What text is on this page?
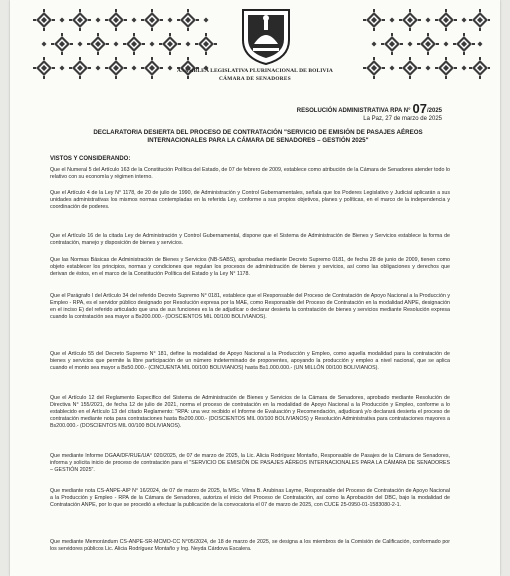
ASAMBLEA LEGISLATIVA PLURINACIONAL DE BOLIVIA
CÁMARA DE SENADORES
RESOLUCIÓN ADMINISTRATIVA RPA N° 07/2025
La Paz, 27 de marzo de 2025
DECLARATORIA DESIERTA DEL PROCESO DE CONTRATACIÓN "SERVICIO DE EMISIÓN DE PASAJES AÉREOS INTERNACIONALES PARA LA CÁMARA DE SENADORES – GESTIÓN 2025"
VISTOS Y CONSIDERANDO:
Que el Numeral 5 del Artículo 163 de la Constitución Política del Estado, de 07 de febrero de 2009, establece como atribución de la Cámara de Senadores atender todo lo relativo con su economía y régimen interno.
Que el Artículo 4 de la Ley N° 1178, de 20 de julio de 1990, de Administración y Control Gubernamentales, señala que los Poderes Legislativo y Judicial aplicarán a sus unidades administrativas los mismos normas contempladas en la referida Ley, conforme a sus propios objetivos, planes y políticas, en el marco de la independencia y coordinación de poderes.
Que el Artículo 16 de la citada Ley de Administración y Control Gubernamental, dispone que el Sistema de Administración de Bienes y Servicios establece la forma de contratación, manejo y disposición de bienes y servicios.
Que las Normas Básicas de Administración de Bienes y Servicios (NB-SABS), aprobadas mediante Decreto Supremo 0181, de fecha 28 de junio de 2009, tienen como objeto establecer los principios, normas y condiciones que regulan los procesos de administración de bienes y servicios, así como las obligaciones y derechos que derivan de éstos, en el marco de la Constitución Política del Estado y la Ley N° 1178.
Que el Parágrafo I del Artículo 34 del referido Decreto Supremo N° 0181, establece que el Responsable del Proceso de Contratación de Apoyo Nacional a la Producción y Empleo - RPA, es el servidor público designado por Resolución expresa por la MAE, como Responsable del Proceso de Contratación en la modalidad ANPE, designación en el inciso E) del referido articulado que una de sus funciones es la de adjudicar o declarar desierta la contratación de bienes y servicios mediante Resolución expresa cuando la contratación sea mayor a Bs200.000.- (DOSCIENTOS MIL 00/100 BOLIVIANOS).
Que el Artículo 55 del Decreto Supremo N° 181, define la modalidad de Apoyo Nacional a la Producción y Empleo, como aquella modalidad para la contratación de bienes y servicios que permite la libre participación de un número indeterminado de proponentes, apoyando la producción y empleo a nivel nacional, que se aplica cuando el monto sea mayor a Bs50.000.- (CINCUENTA MIL 00/100 BOLIVIANOS) hasta Bs1.000.000.- (UN MILLÓN 00/100 BOLIVIANOS).
Que el Artículo 12 del Reglamento Específico del Sistema de Administración de Bienes y Servicios de la Cámara de Senadores, aprobado mediante Resolución de Directiva N° 155/2021, de fecha 12 de julio de 2021, norma el proceso de contratación en la modalidad de Apoyo Nacional a la Producción y Empleo, conforme a lo establecido en el Artículo 13 del citado Reglamento: "RPA: una vez recibido el Informe de Evaluación y Recomendación, adjudicará y/o declarará desierta el proceso de contratación mediante nota para contrataciones hasta Bs200.000.- (DOSCIENTOS MIL 00/100 BOLIVIANOS) y Resolución Administrativa para contrataciones mayores a Bs200.000.- (DOSCIENTOS MIL 00/100 BOLIVIANOS).
Que mediante Informe DGAA/DF/RUE/UA° 020/2025, de 07 de marzo de 2025, la Lic. Alicia Rodríguez Montaño, Responsable de Pasajes de la Cámara de Senadores, informa y solicita inicio de proceso de contratación para el "SERVICIO DE EMISIÓN DE PASAJES AÉREOS INTERNACIONALES PARA LA CÁMARA DE SENADORES – GESTIÓN 2025".
Que mediante nota CS-ANPE-AIP N° 16/2024, de 07 de marzo de 2025, la MSc. Vilma B. Arubinas Layme, Responsable del Proceso de Contratación de Apoyo Nacional a la Producción y Empleo - RPA de la Cámara de Senadores, autoriza el inicio del Proceso de Contratación, así como la Aprobación del DBC, bajo la modalidad de Contratación ANPE, por lo que se procedió a efectuar la publicación de la convocatoria el 07 de marzo de 2025, con CUCE 25-0950-01-1583080-2-1.
Que mediante Memorándum CS-ANPE-SR-MCMO-CC N°05/2024, de 18 de marzo de 2025, se designa a los miembros de la Comisión de Calificación, conformado por los servidores públicos Lic. Alicia Rodríguez Montaño y Ing. Neyda Cárdova Escalera.
